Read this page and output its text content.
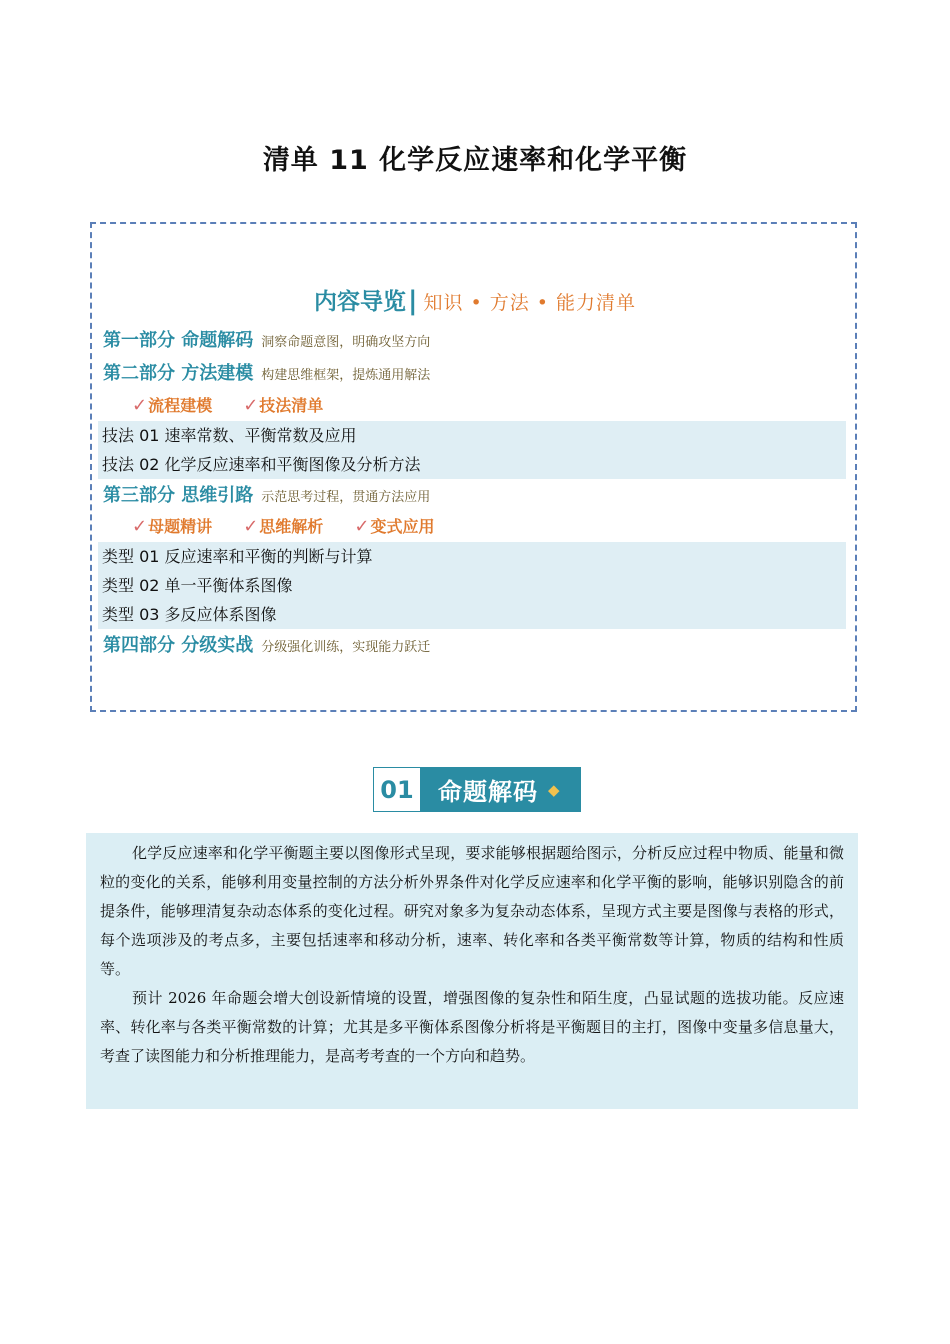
清单 11 化学反应速率和化学平衡
内容导览| 知识 • 方法 • 能力清单
第一部分 命题解码 洞察命题意图，明确攻坚方向
第二部分 方法建模 构建思维框架，提炼通用解法
✓流程建模 ✓技法清单
技法 01 速率常数、平衡常数及应用
技法 02 化学反应速率和平衡图像及分析方法
第三部分 思维引路 示范思考过程，贯通方法应用
✓母题精讲 ✓思维解析 ✓变式应用
类型 01 反应速率和平衡的判断与计算
类型 02 单一平衡体系图像
类型 03 多反应体系图像
第四部分 分级实战 分级强化训练，实现能力跃迁
01	命题解码 ◆

化学反应速率和化学平衡题主要以图像形式呈现，要求能够根据题给图示，分析反应过程中物质、能量和微粒的变化的关系，能够利用变量控制的方法分析外界条件对化学反应速率和化学平衡的影响，能够识别隐含的前提条件，能够理清复杂动态体系的变化过程。研究对象多为复杂动态体系，呈现方式主要是图像与表格的形式，每个选项涉及的考点多，主要包括速率和移动分析，速率、转化率和各类平衡常数等计算，物质的结构和性质等。

预计 2026 年命题会增大创设新情境的设置，增强图像的复杂性和陌生度，凸显试题的选拔功能。反应速率、转化率与各类平衡常数的计算；尤其是多平衡体系图像分析将是平衡题目的主打，图像中变量多信息量大，考查了读图能力和分析推理能力，是高考考查的一个方向和趋势。
